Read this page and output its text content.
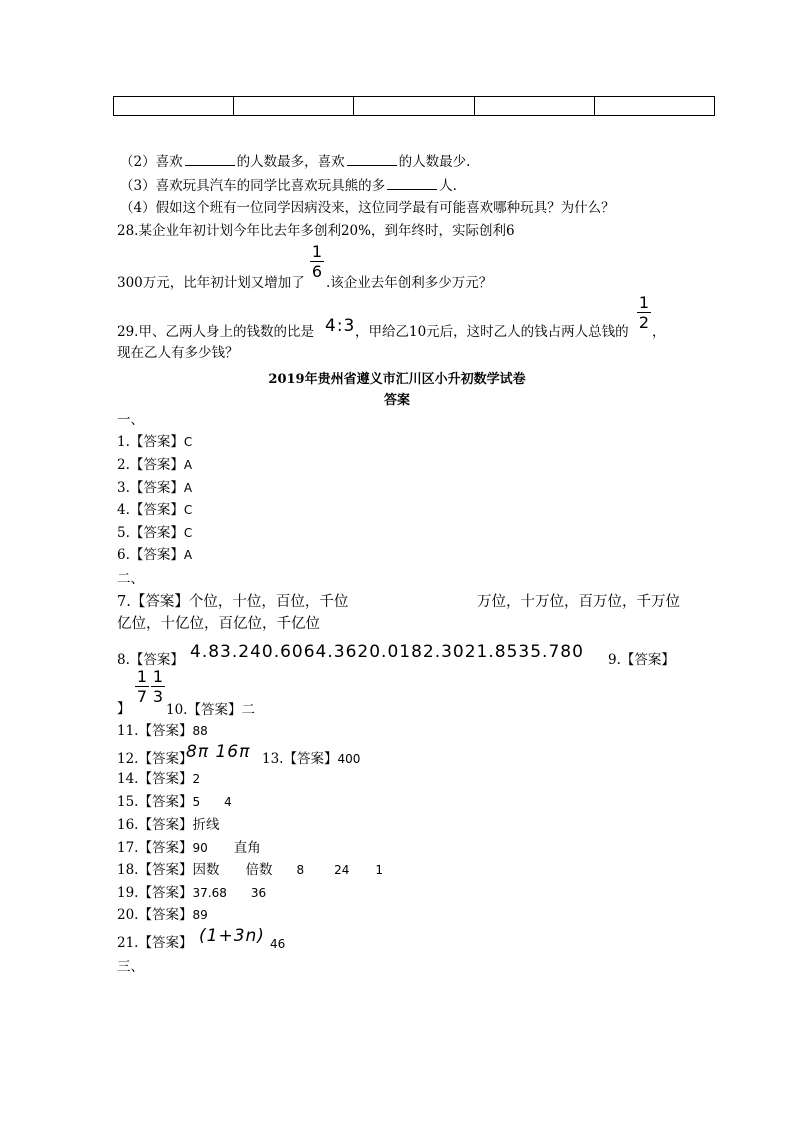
（2）喜欢	的人数最多，喜欢	的人数最少.
（3）喜欢玩具汽车的同学比喜欢玩具熊的多	人.
（4）假如这个班有一位同学因病没来，这位同学最有可能喜欢哪种玩具？为什么？
28.某企业年初计划今年比去年多创利20%，到年终时，实际创利6
1
6
300万元，比年初计划又增加了 .该企业去年创利多少万元？
29.甲、乙两人身上的钱数的比是 4:3 ，甲给乙10元后，这时乙人的钱占两人总钱的
1
2 ，
现在乙人有多少钱？
2019年贵州省遵义市汇川区小升初数学试卷
答案
一、
1.【答案】C
2.【答案】A
3.【答案】A
4.【答案】C
5.【答案】C
6.【答案】A
二、
7.【答案】个位，十位，百位，千位	万位，十万位，百万位，千万位
亿位，十亿位，百亿位，千亿位
8.【答案】 4.83.240.6064.3620.0182.3021.8535.780 9.【答案】
1
7
1
3
】	10.【答案】二
11.【答案】88
12.【答案】
8π 16π 13.【答案】400
14.【答案】2
15.【答案】5 4
16.【答案】折线
17.【答案】90 直角
18.【答案】因数 倍数 8	24 1
19.【答案】37.68 36
20.【答案】89
21.【答案】 (1+3n) 46
三、
